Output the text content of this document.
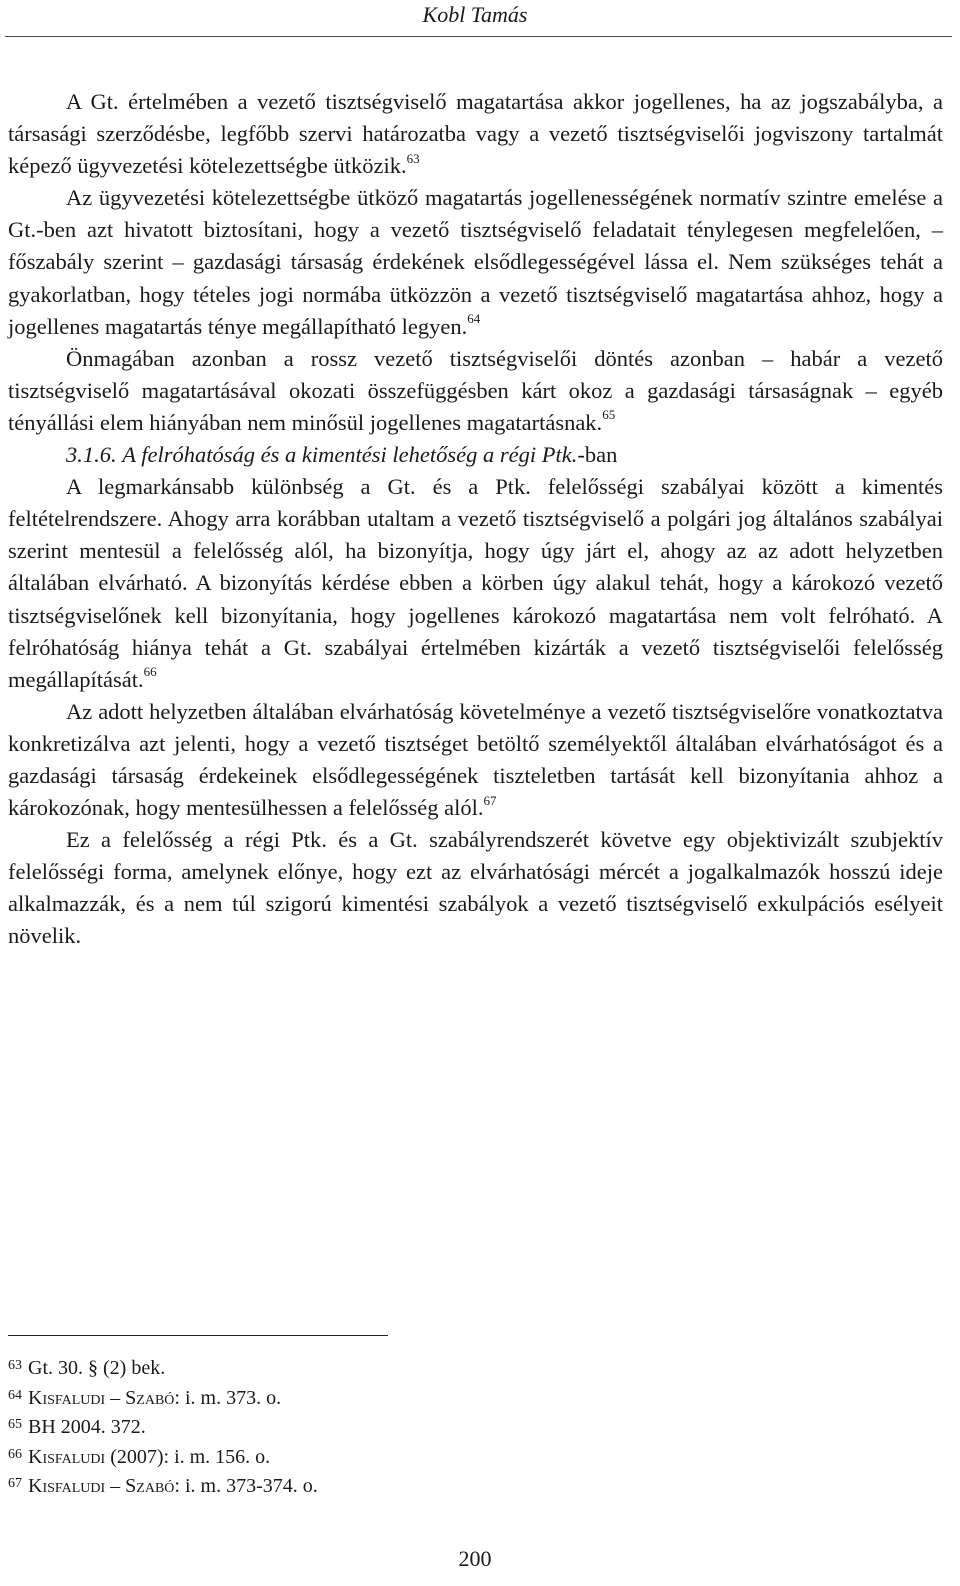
Kobl Tamás

A Gt. értelmében a vezető tisztségviselő magatartása akkor jogellenes, ha az jogszabályba, a társasági szerződésbe, legfőbb szervi határozatba vagy a vezető tisztségviselői jogviszony tartalmát képező ügyvezetési kötelezettségbe ütközik.$^{63}$

Az ügyvezetési kötelezettségbe ütköző magatartás jogellenességének normatív szintre emelése a Gt.-ben azt hivatott biztosítani, hogy a vezető tisztségviselő feladatait ténylegesen megfelelően, – főszabály szerint – gazdasági társaság érdekének elsődlegességével lássa el. Nem szükséges tehát a gyakorlatban, hogy tételes jogi normába ütközzön a vezető tisztségviselő magatartása ahhoz, hogy a jogellenes magatartás ténye megállapítható legyen.$^{64}$

Önmagában azonban a rossz vezető tisztségviselői döntés azonban – habár a vezető tisztségviselő magatartásával okozati összefüggésben kárt okoz a gazdasági társaságnak – egyéb tényállási elem hiányában nem minősül jogellenes magatartásnak.$^{65}$

3.1.6. A felróhatóság és a kimentési lehetőség a régi Ptk.-ban

A legmarkánsabb különbség a Gt. és a Ptk. felelősségi szabályai között a kimentés feltételrendszere. Ahogy arra korábban utaltam a vezető tisztségviselő a polgári jog általános szabályai szerint mentesül a felelősség alól, ha bizonyítja, hogy úgy járt el, ahogy az az adott helyzetben általában elvárható. A bizonyítás kérdése ebben a körben úgy alakul tehát, hogy a károkozó vezető tisztségviselőnek kell bizonyítania, hogy jogellenes károkozó magatartása nem volt felróható. A felróhatóság hiánya tehát a Gt. szabályai értelmében kizárták a vezető tisztségviselői felelősség megállapítását.$^{66}$

Az adott helyzetben általában elvárhatóság követelménye a vezető tisztségviselőre vonatkoztatva konkretizálva azt jelenti, hogy a vezető tisztséget betöltő személyektől általában elvárhatóságot és a gazdasági társaság érdekeinek elsődlegességének tiszteletben tartását kell bizonyítania ahhoz a károkozónak, hogy mentesülhessen a felelősség alól.$^{67}$

Ez a felelősség a régi Ptk. és a Gt. szabályrendszerét követve egy objektivizált szubjektív felelősségi forma, amelynek előnye, hogy ezt az elvárhatósági mércét a jogalkalmazók hosszú ideje alkalmazzák, és a nem túl szigorú kimentési szabályok a vezető tisztségviselő exkulpációs esélyeit növelik.

63 Gt. 30. § (2) bek.
64 Kisfaludi – Szabó: i. m. 373. o.
65 BH 2004. 372.
66 Kisfaludi (2007): i. m. 156. o.
67 Kisfaludi – Szabó: i. m. 373-374. o.
200
